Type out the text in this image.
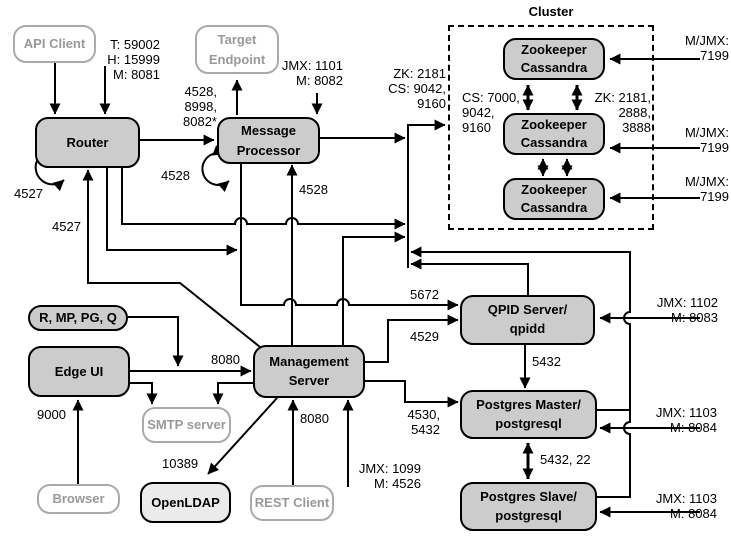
Cluster
API Client	Target
Endpoint
Router
Message
Processor
Zookeeper
Cassandra
Zookeeper
Cassandra
Zookeeper
Cassandra
R, MP, PG, Q
Edge UI
Management
Server
QPID Server/
qpidd
Postgres Master/
postgresql
Postgres Slave/
postgresql
SMTP server
OpenLDAP
Browser	REST Client
T: 59002
H: 15999
M: 8081
4528,
8998,
8082*
JMX: 1101
M: 8082	ZK: 2181
CS: 9042,
9160 CS: 7000,
9042,
9160
ZK: 2181,
2888,
3888
M/JMX:
7199
M/JMX:
7199
M/JMX:
7199
4527
4527
4528
4528
5672
4529
JMX: 1102
M: 8083
5432
4530,
5432
JMX: 1103
M: 8084
JMX: 1103
M: 8084
5432, 22
8080
8080
JMX: 1099
M: 4526
9000
10389
